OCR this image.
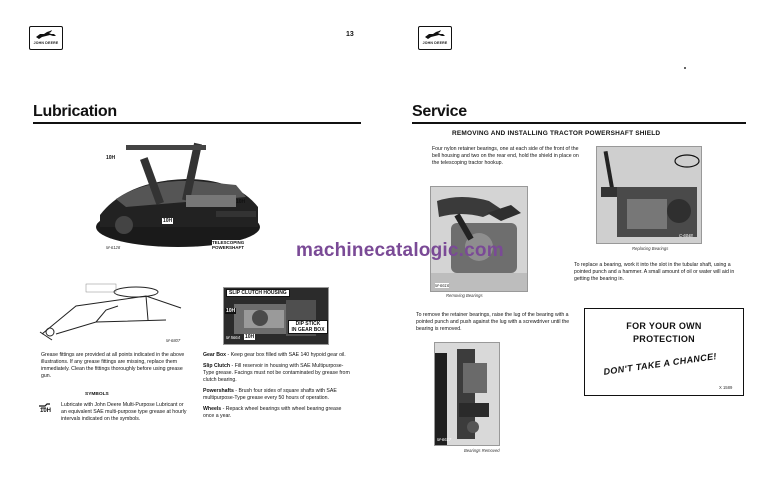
JOHN DEERE
13
Lubrication
10H
10H
10H
TELESCOPING
POWERSHAFT
M-6128
M-6807
SLIP CLUTCH HOUSING
10H
DIP STICK
IN GEAR BOX
M 5664 10H
Grease fittings are provided at all points indicated in the above illustrations. If any grease fittings are missing, replace them immediately. Clean the fittings thoroughly before using grease gun.
SYMBOLS
10H
Lubricate with John Deere Multi-Purpose Lubricant or an equivalent SAE multi-purpose type grease at hourly intervals indicated on the symbols.
Gear Box - Keep gear box filled with SAE 140 hypoid gear oil.
Slip Clutch - Fill reservoir in housing with SAE Multipurpose-Type grease. Facings must not be contaminated by grease from clutch bearing.
Powershafts - Brush four sides of square shafts with SAE multipurpose-Type grease every 50 hours of operation.
Wheels - Repack wheel bearings with wheel bearing grease once a year.
JOHN DEERE
Service
REMOVING AND INSTALLING TRACTOR POWERSHAFT SHIELD
Four nylon retainer bearings, one at each side of the front of the bell housing and two on the rear end, hold the shield in place on the telescoping tractor hookup.
M-6616
Removing Bearings
C-6048
Replacing Bearings
To replace a bearing, work it into the slot in the tubular shaft, using a pointed punch and a hammer. A small amount of oil or water will aid in getting the bearing in.
To remove the retainer bearings, raise the lug of the bearing with a pointed punch and push against the lug with a screwdriver until the bearing is removed.	FOR YOUR OWN
PROTECTION
DON'T TAKE A CHANCE!
X 1589
M-6617
Bearings Removed
machinecatalogic.com
